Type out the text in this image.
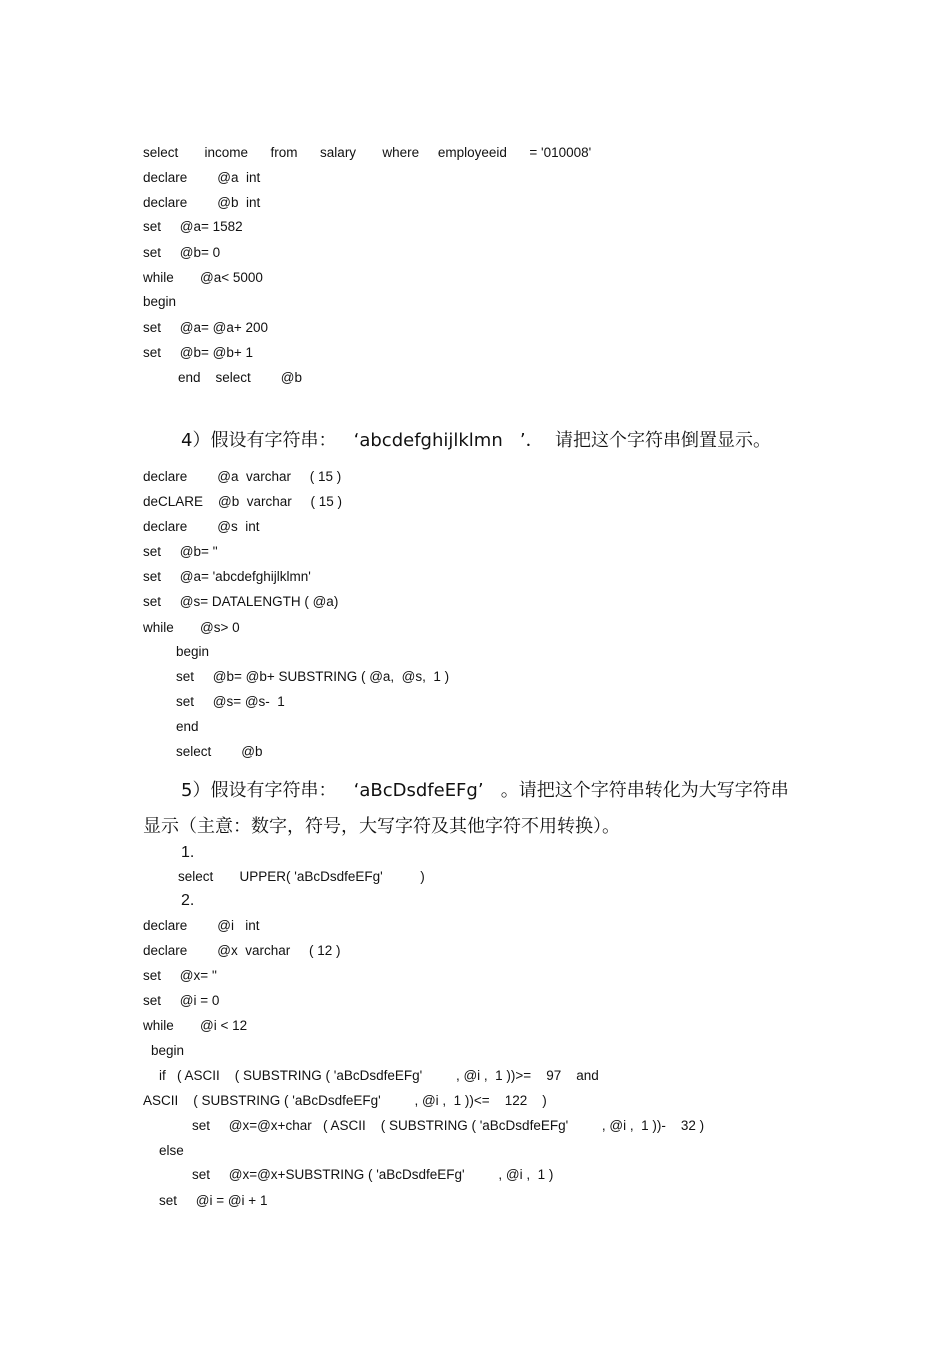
select       income      from      salary       where     employeeid      = '010008'
declare        @a  int
declare        @b  int
set     @a= 1582
set     @b= 0
while       @a< 5000
begin
set     @a= @a+ 200
set     @b= @b+ 1
end    select        @b
4）假设有字符串：   ‘abcdefghijlklmn   ’．  请把这个字符串倒置显示。
declare        @a  varchar     ( 15 )
deCLARE    @b  varchar     ( 15 )
declare        @s  int
set     @b= ''
set     @a= 'abcdefghijlklmn'
set     @s= DATALENGTH ( @a)
while       @s> 0
begin
set     @b= @b+ SUBSTRING ( @a,  @s,  1 )
set     @s= @s-  1
end
select        @b
5）假设有字符串：   ‘aBcDsdfeEFg’   。请把这个字符串转化为大写字符串
显示（主意：数字，符号，大写字符及其他字符不用转换）。
1.
select       UPPER( 'aBcDsdfeEFg'          )
2.
declare        @i   int
declare        @x  varchar     ( 12 )
set     @x= ''
set     @i = 0
while       @i < 12
begin
if   ( ASCII    ( SUBSTRING ( 'aBcDsdfeEFg'         , @i ,  1 ))>=    97    and
ASCII    ( SUBSTRING ( 'aBcDsdfeEFg'         , @i ,  1 ))<=    122    )
set     @x=@x+char   ( ASCII    ( SUBSTRING ( 'aBcDsdfeEFg'         , @i ,  1 ))-    32 )
else
set     @x=@x+SUBSTRING ( 'aBcDsdfeEFg'         , @i ,  1 )
set     @i = @i + 1
